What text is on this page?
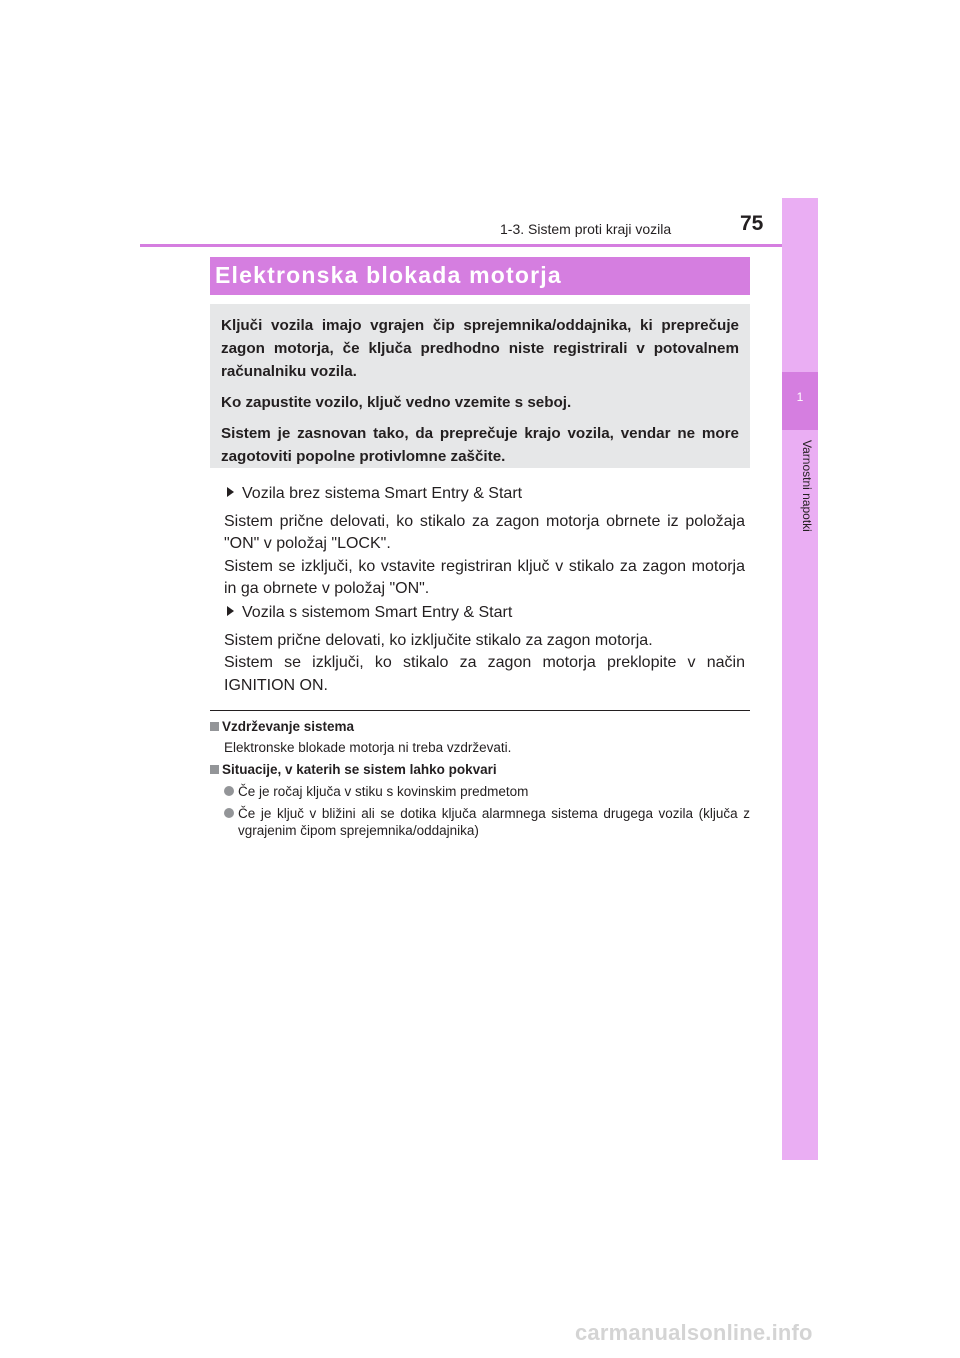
1-3. Sistem proti kraji vozila	75
1
Varnostni napotki
Elektronska blokada motorja

Ključi vozila imajo vgrajen čip sprejemnika/oddajnika, ki preprečuje zagon motorja, če ključa predhodno niste registrirali v potovalnem računalniku vozila.

Ko zapustite vozilo, ključ vedno vzemite s seboj.

Sistem je zasnovan tako, da preprečuje krajo vozila, vendar ne more zagotoviti popolne protivlomne zaščite.

Vozila brez sistema Smart Entry & Start

Sistem prične delovati, ko stikalo za zagon motorja obrnete iz položaja "ON" v položaj "LOCK".

Sistem se izključi, ko vstavite registriran ključ v stikalo za zagon motorja in ga obrnete v položaj "ON".

Vozila s sistemom Smart Entry & Start

Sistem prične delovati, ko izključite stikalo za zagon motorja.

Sistem se izključi, ko stikalo za zagon motorja preklopite v način IGNITION ON.

Vzdrževanje sistema
Elektronske blokade motorja ni treba vzdrževati.
Situacije, v katerih se sistem lahko pokvari
Če je ročaj ključa v stiku s kovinskim predmetom
Če je ključ v bližini ali se dotika ključa alarmnega sistema drugega vozila (ključa z vgrajenim čipom sprejemnika/oddajnika)
carmanualsonline.info
